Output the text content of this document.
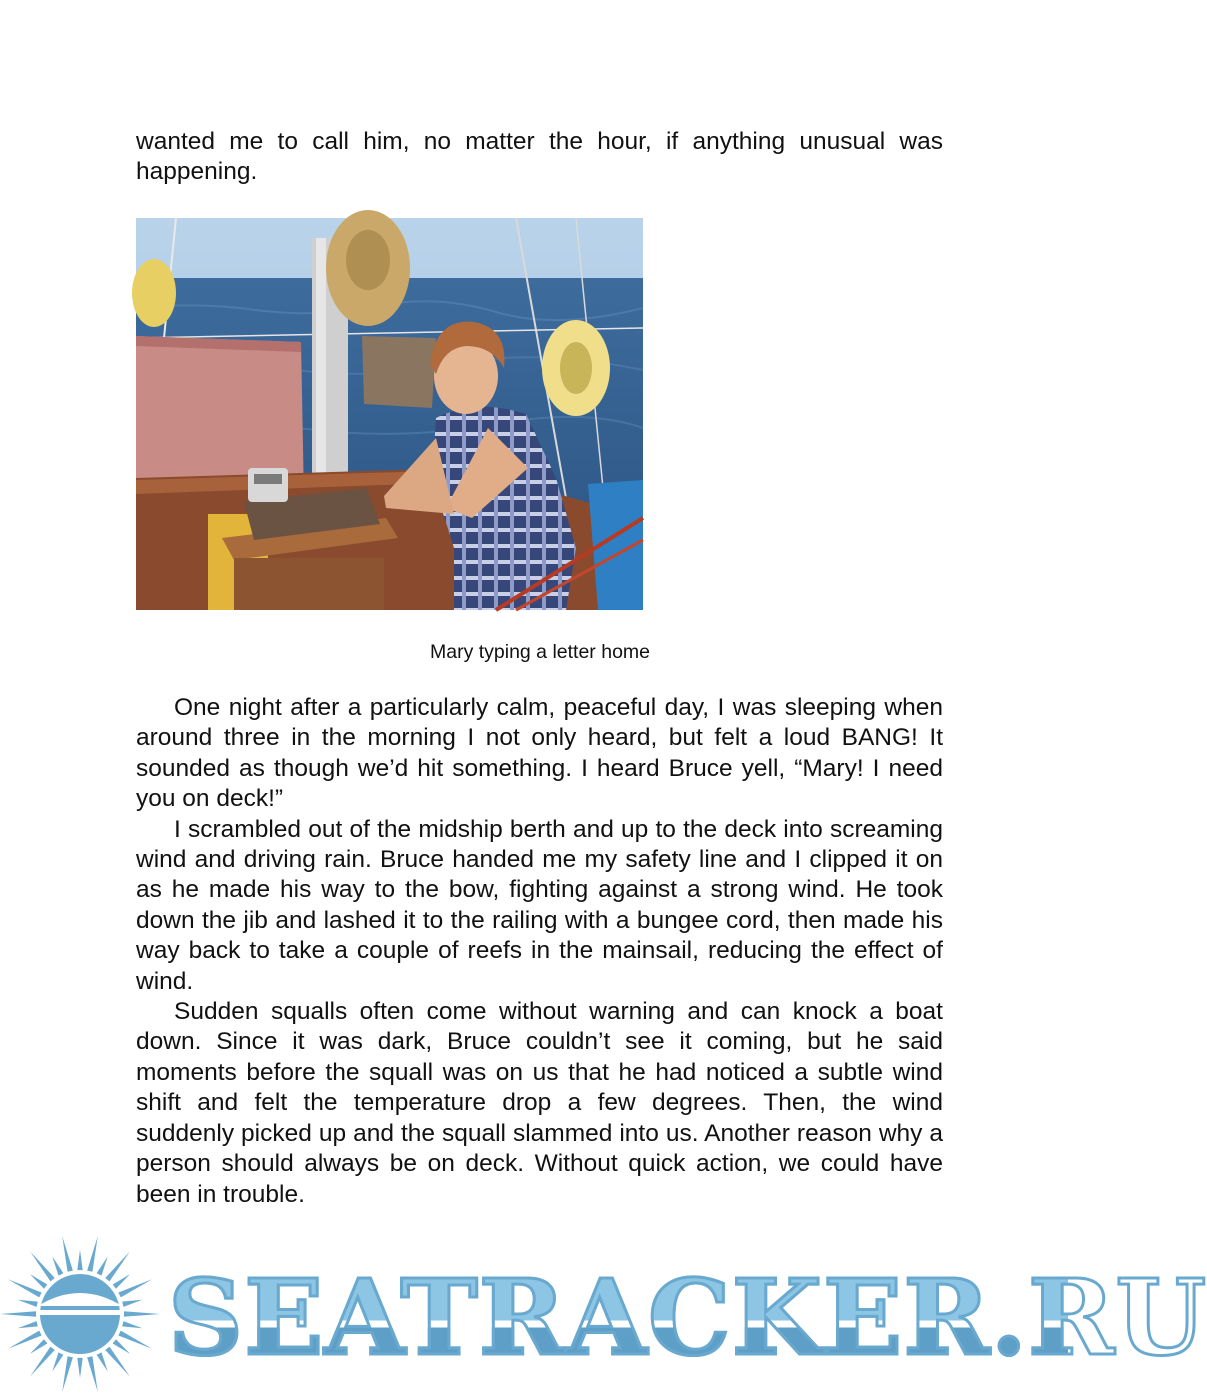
wanted me to call him, no matter the hour, if anything unusual was happening.

Mary typing a letter home

One night after a particularly calm, peaceful day, I was sleeping when around three in the morning I not only heard, but felt a loud BANG! It sounded as though we’d hit something. I heard Bruce yell, “Mary! I need you on deck!”

I scrambled out of the midship berth and up to the deck into screaming wind and driving rain. Bruce handed me my safety line and I clipped it on as he made his way to the bow, fighting against a strong wind. He took down the jib and lashed it to the railing with a bungee cord, then made his way back to take a couple of reefs in the mainsail, reducing the effect of wind.

Sudden squalls often come without warning and can knock a boat down. Since it was dark, Bruce couldn’t see it coming, but he said moments before the squall was on us that he had noticed a subtle wind shift and felt the temperature drop a few degrees. Then, the wind suddenly picked up and the squall slammed into us. Another reason why a person should always be on deck. Without quick action, we could have been in trouble.

SEATRACKER.RU
